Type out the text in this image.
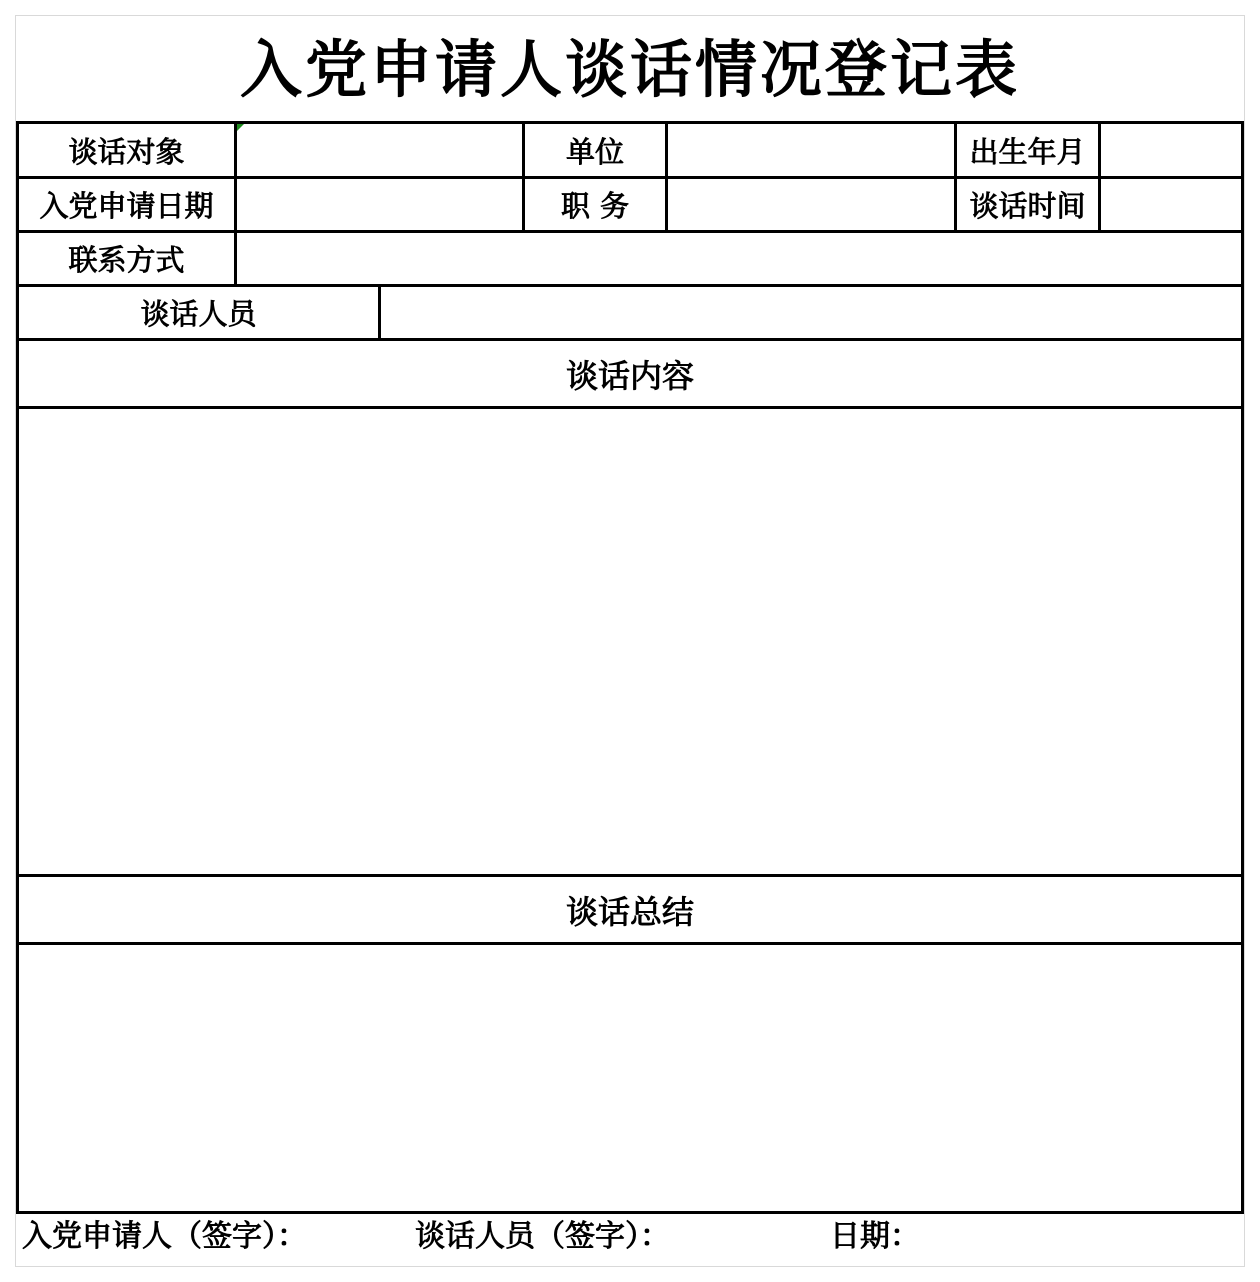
入党申请人谈话情况登记表
谈话对象	单位	出生年月
入党申请日期	职 务	谈话时间
联系方式
谈话人员
谈话内容
谈话总结
入党申请人（签字）：	谈话人员（签字）：	日期：
